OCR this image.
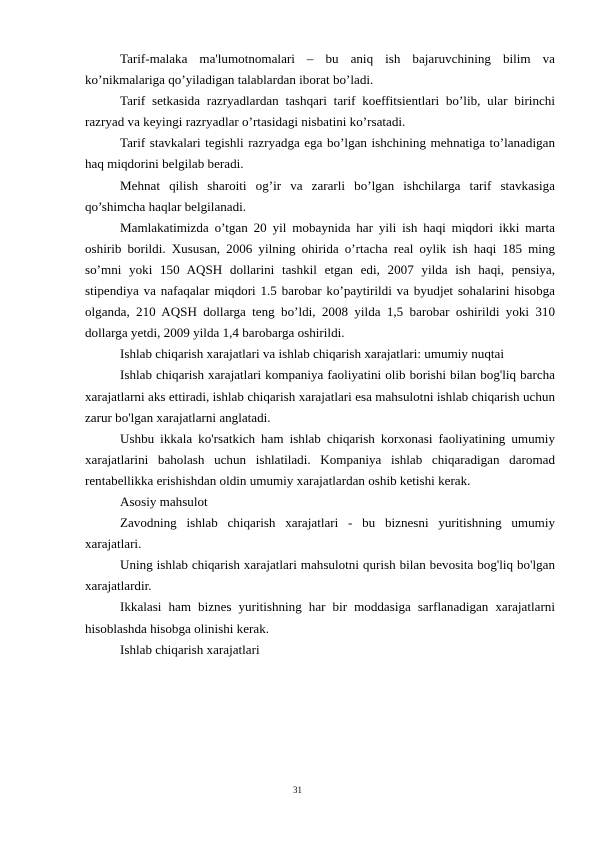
Tarif-malaka ma'lumotnomalari – bu aniq ish bajaruvchining bilim va ko’nikmalariga qo’yiladigan talablardan iborat bo’ladi.

Tarif setkasida razryadlardan tashqari tarif koeffitsientlari bo’lib, ular birinchi razryad va keyingi razryadlar o’rtasidagi nisbatini ko’rsatadi.

Tarif stavkalari tegishli razryadga ega bo’lgan ishchining mehnatiga to’lanadigan haq miqdorini belgilab beradi.

Mehnat qilish sharoiti og’ir va zararli bo’lgan ishchilarga tarif stavkasiga qo’shimcha haqlar belgilanadi.

Mamlakatimizda o’tgan 20 yil mobaynida har yili ish haqi miqdori ikki marta oshirib borildi. Xususan, 2006 yilning ohirida o’rtacha real oylik ish haqi 185 ming so’mni yoki 150 AQSH dollarini tashkil etgan edi, 2007 yilda ish haqi, pensiya, stipendiya va nafaqalar miqdori 1.5 barobar ko’paytirildi va byudjet sohalarini hisobga olganda, 210 AQSH dollarga teng bo’ldi, 2008 yilda 1,5 barobar oshirildi yoki 310 dollarga yetdi, 2009 yilda 1,4 barobarga oshirildi.

Ishlab chiqarish xarajatlari va ishlab chiqarish xarajatlari: umumiy nuqtai

Ishlab chiqarish xarajatlari kompaniya faoliyatini olib borishi bilan bog'liq barcha xarajatlarni aks ettiradi, ishlab chiqarish xarajatlari esa mahsulotni ishlab chiqarish uchun zarur bo'lgan xarajatlarni anglatadi.

Ushbu ikkala ko'rsatkich ham ishlab chiqarish korxonasi faoliyatining umumiy xarajatlarini baholash uchun ishlatiladi. Kompaniya ishlab chiqaradigan daromad rentabellikka erishishdan oldin umumiy xarajatlardan oshib ketishi kerak.

Asosiy mahsulot

Zavodning ishlab chiqarish xarajatlari - bu biznesni yuritishning umumiy xarajatlari.

Uning ishlab chiqarish xarajatlari mahsulotni qurish bilan bevosita bog'liq bo'lgan xarajatlardir.

Ikkalasi ham biznes yuritishning har bir moddasiga sarflanadigan xarajatlarni hisoblashda hisobga olinishi kerak.

Ishlab chiqarish xarajatlari

31
